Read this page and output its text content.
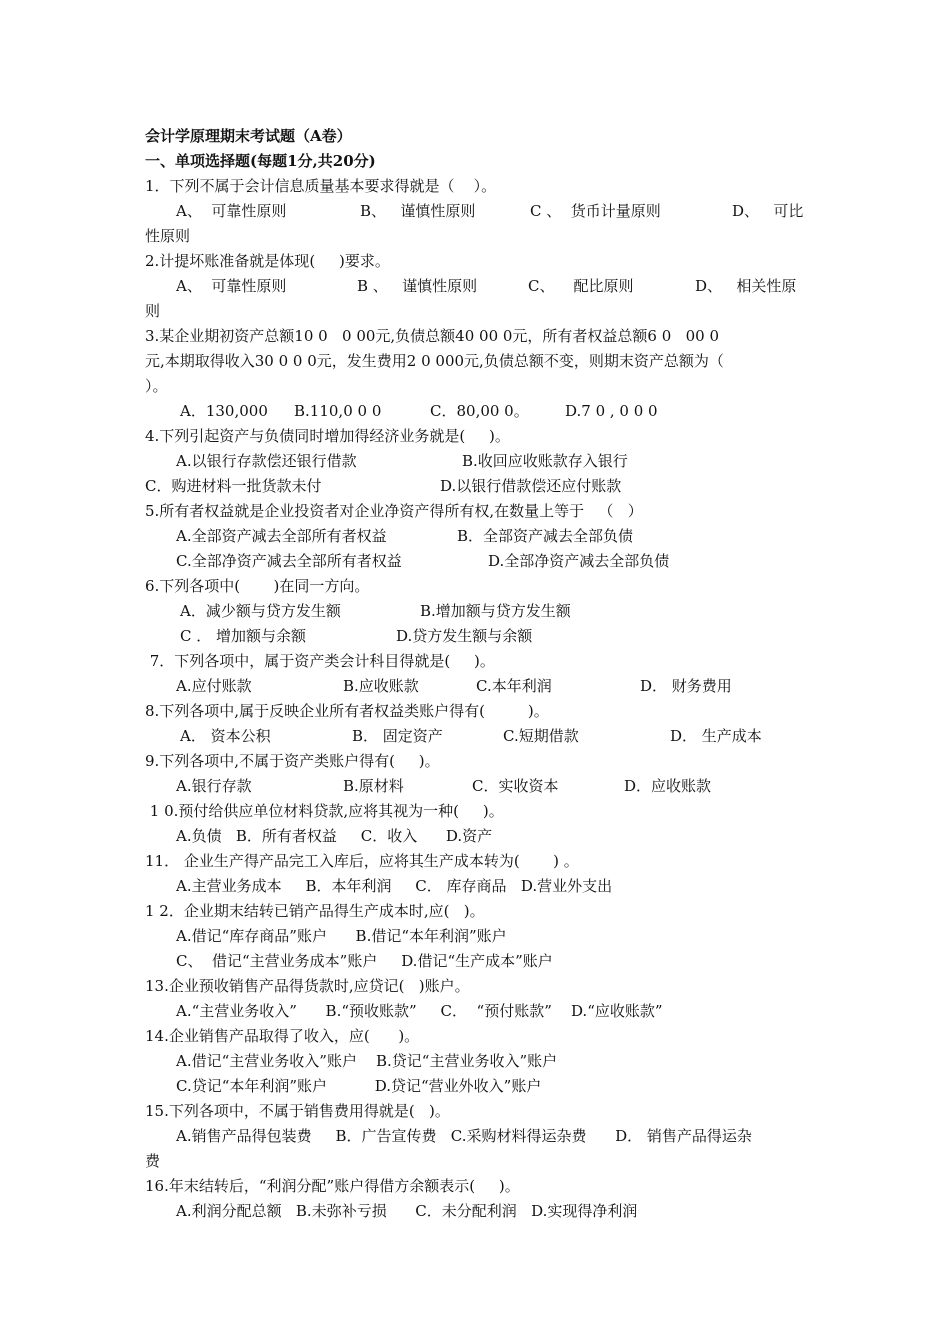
会计学原理期末考试题（A卷）
一、单项选择题(每题1分,共20分)
1．下列不属于会计信息质量基本要求得就是（    ）。
A、  可靠性原则	B、   谨慎性原则	C 、  货币计量原则	D、   可比
性原则
2.计提坏账准备就是体现(     )要求。
A、  可靠性原则	B 、   谨慎性原则	C、    配比原则	D、   相关性原
则
3.某企业期初资产总额10 0   0 00元,负债总额40 00 0元，所有者权益总额6 0   00 0
元,本期取得收入30 0 0 0元，发生费用2 0 000元,负债总额不变，则期末资产总额为（
）。
A．130,000 B.110,0 0 0	C．80,00 0。 D.7 0 , 0 0 0
4.下列引起资产与负债同时增加得经济业务就是(     )。
A.以银行存款偿还银行借款	B.收回应收账款存入银行
C．购进材料一批货款未付	D.以银行借款偿还应付账款
5.所有者权益就是企业投资者对企业净资产得所有权,在数量上等于   （   ）
A.全部资产减去全部所有者权益	B．全部资产减去全部负债
C.全部净资产减去全部所有者权益	D.全部净资产减去全部负债
6.下列各项中(       )在同一方向。
A．减少额与贷方发生额	B.增加额与贷方发生额
C ． 增加额与余额	D.贷方发生额与余额
7．下列各项中，属于资产类会计科目得就是(     )。
A.应付账款	B.应收账款	C.本年利润	D． 财务费用
8.下列各项中,属于反映企业所有者权益类账户得有(         )。
A． 资本公积	B． 固定资产	C.短期借款	D． 生产成本
9.下列各项中,不属于资产类账户得有(     )。
A.银行存款	B.原材料	C．实收资本	D．应收账款
1 0.预付给供应单位材料贷款,应将其视为一种(     )。
A.负债   B．所有者权益     C．收入      D.资产
11． 企业生产得产品完工入库后，应将其生产成本转为(       ) 。
A.主营业务成本     B．本年利润     C． 库存商品   D.营业外支出
1 2．企业期末结转已销产品得生产成本时,应(   )。
A.借记“库存商品”账户      B.借记“本年利润”账户
C、  借记“主营业务成本”账户     D.借记“生产成本”账户
13.企业预收销售产品得货款时,应贷记(   )账户。
A.“主营业务收入”      B.“预收账款”     C．  “预付账款”    D.“应收账款”
14.企业销售产品取得了收入，应(      )。
A.借记“主营业务收入”账户    B.贷记“主营业务收入”账户
C.贷记“本年利润”账户          D.贷记“营业外收入”账户
15.下列各项中，不属于销售费用得就是(   )。
A.销售产品得包装费     B．广告宣传费   C.采购材料得运杂费      D． 销售产品得运杂
费
16.年末结转后，“利润分配”账户得借方余额表示(     )。
A.利润分配总额   B.未弥补亏损      C．未分配利润   D.实现得净利润
